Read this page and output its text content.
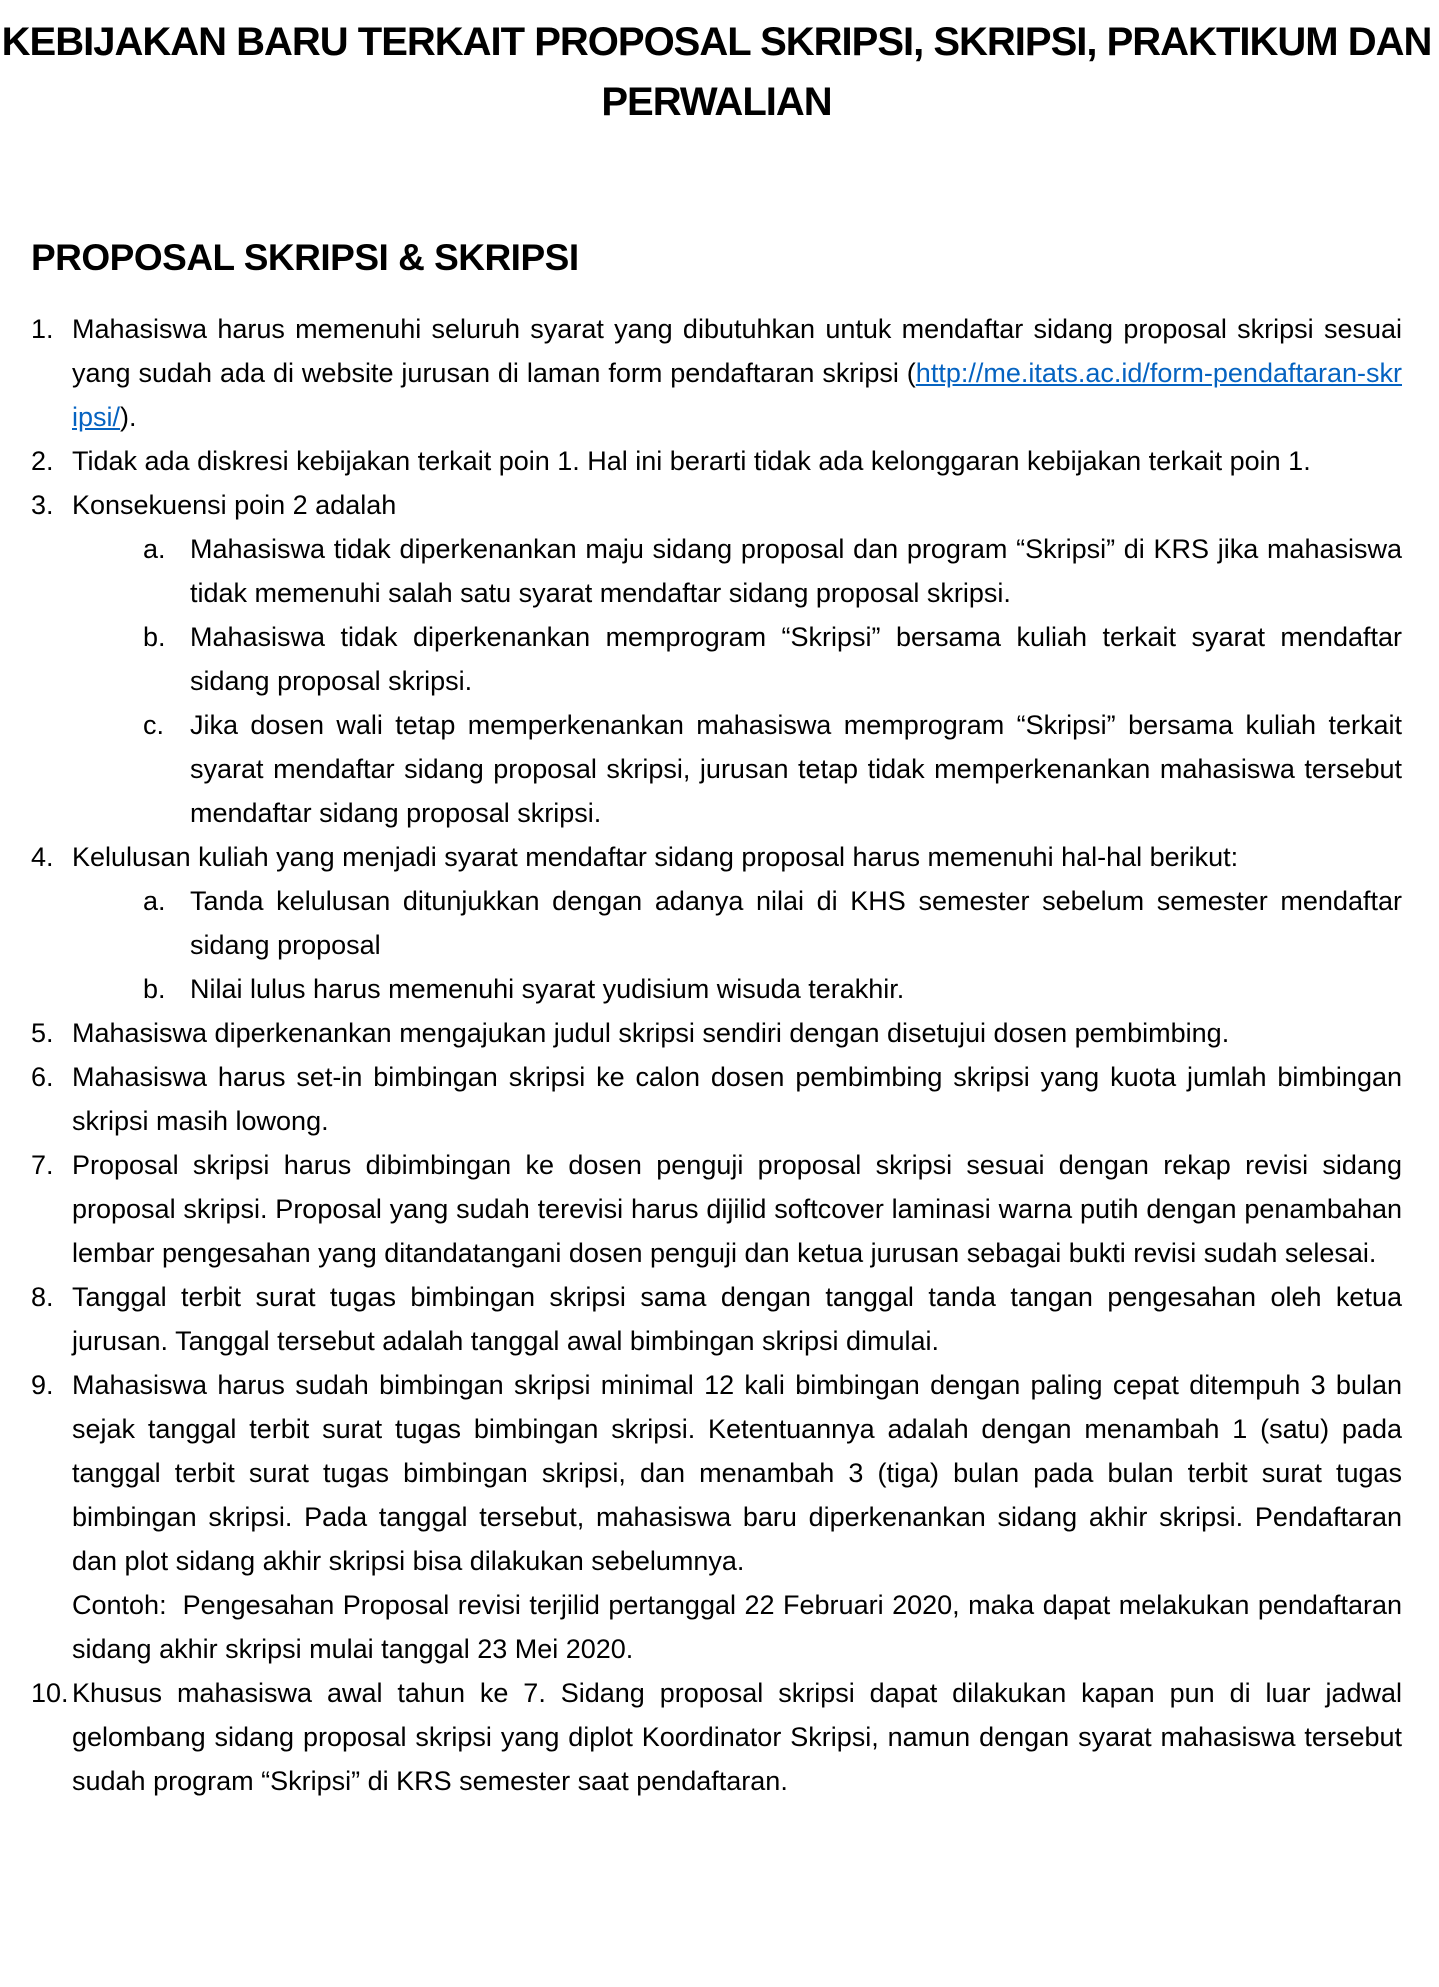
KEBIJAKAN BARU TERKAIT PROPOSAL SKRIPSI, SKRIPSI, PRAKTIKUM DAN
PERWALIAN
PROPOSAL SKRIPSI & SKRIPSI
1. Mahasiswa harus memenuhi seluruh syarat yang dibutuhkan untuk mendaftar sidang proposal skripsi sesuai yang sudah ada di website jurusan di laman form pendaftaran skripsi (http://me.itats.ac.id/form-pendaftaran-skripsi/).
2. Tidak ada diskresi kebijakan terkait poin 1. Hal ini berarti tidak ada kelonggaran kebijakan terkait poin 1.
3. Konsekuensi poin 2 adalah
a. Mahasiswa tidak diperkenankan maju sidang proposal dan program “Skripsi” di KRS jika mahasiswa tidak memenuhi salah satu syarat mendaftar sidang proposal skripsi.
b. Mahasiswa tidak diperkenankan memprogram “Skripsi” bersama kuliah terkait syarat mendaftar sidang proposal skripsi.
c. Jika dosen wali tetap memperkenankan mahasiswa memprogram “Skripsi” bersama kuliah terkait syarat mendaftar sidang proposal skripsi, jurusan tetap tidak memperkenankan mahasiswa tersebut mendaftar sidang proposal skripsi.
4. Kelulusan kuliah yang menjadi syarat mendaftar sidang proposal harus memenuhi hal-hal berikut:
a. Tanda kelulusan ditunjukkan dengan adanya nilai di KHS semester sebelum semester mendaftar sidang proposal
b. Nilai lulus harus memenuhi syarat yudisium wisuda terakhir.
5. Mahasiswa diperkenankan mengajukan judul skripsi sendiri dengan disetujui dosen pembimbing.
6. Mahasiswa harus set-in bimbingan skripsi ke calon dosen pembimbing skripsi yang kuota jumlah bimbingan skripsi masih lowong.
7. Proposal skripsi harus dibimbingan ke dosen penguji proposal skripsi sesuai dengan rekap revisi sidang proposal skripsi. Proposal yang sudah terevisi harus dijilid softcover laminasi warna putih dengan penambahan lembar pengesahan yang ditandatangani dosen penguji dan ketua jurusan sebagai bukti revisi sudah selesai.
8. Tanggal terbit surat tugas bimbingan skripsi sama dengan tanggal tanda tangan pengesahan oleh ketua jurusan. Tanggal tersebut adalah tanggal awal bimbingan skripsi dimulai.
9. Mahasiswa harus sudah bimbingan skripsi minimal 12 kali bimbingan dengan paling cepat ditempuh 3 bulan sejak tanggal terbit surat tugas bimbingan skripsi. Ketentuannya adalah dengan menambah 1 (satu) pada tanggal terbit surat tugas bimbingan skripsi, dan menambah 3 (tiga) bulan pada bulan terbit surat tugas bimbingan skripsi. Pada tanggal tersebut, mahasiswa baru diperkenankan sidang akhir skripsi. Pendaftaran dan plot sidang akhir skripsi bisa dilakukan sebelumnya.
Contoh: Pengesahan Proposal revisi terjilid pertanggal 22 Februari 2020, maka dapat melakukan pendaftaran sidang akhir skripsi mulai tanggal 23 Mei 2020.
10. Khusus mahasiswa awal tahun ke 7. Sidang proposal skripsi dapat dilakukan kapan pun di luar jadwal gelombang sidang proposal skripsi yang diplot Koordinator Skripsi, namun dengan syarat mahasiswa tersebut sudah program “Skripsi” di KRS semester saat pendaftaran.
